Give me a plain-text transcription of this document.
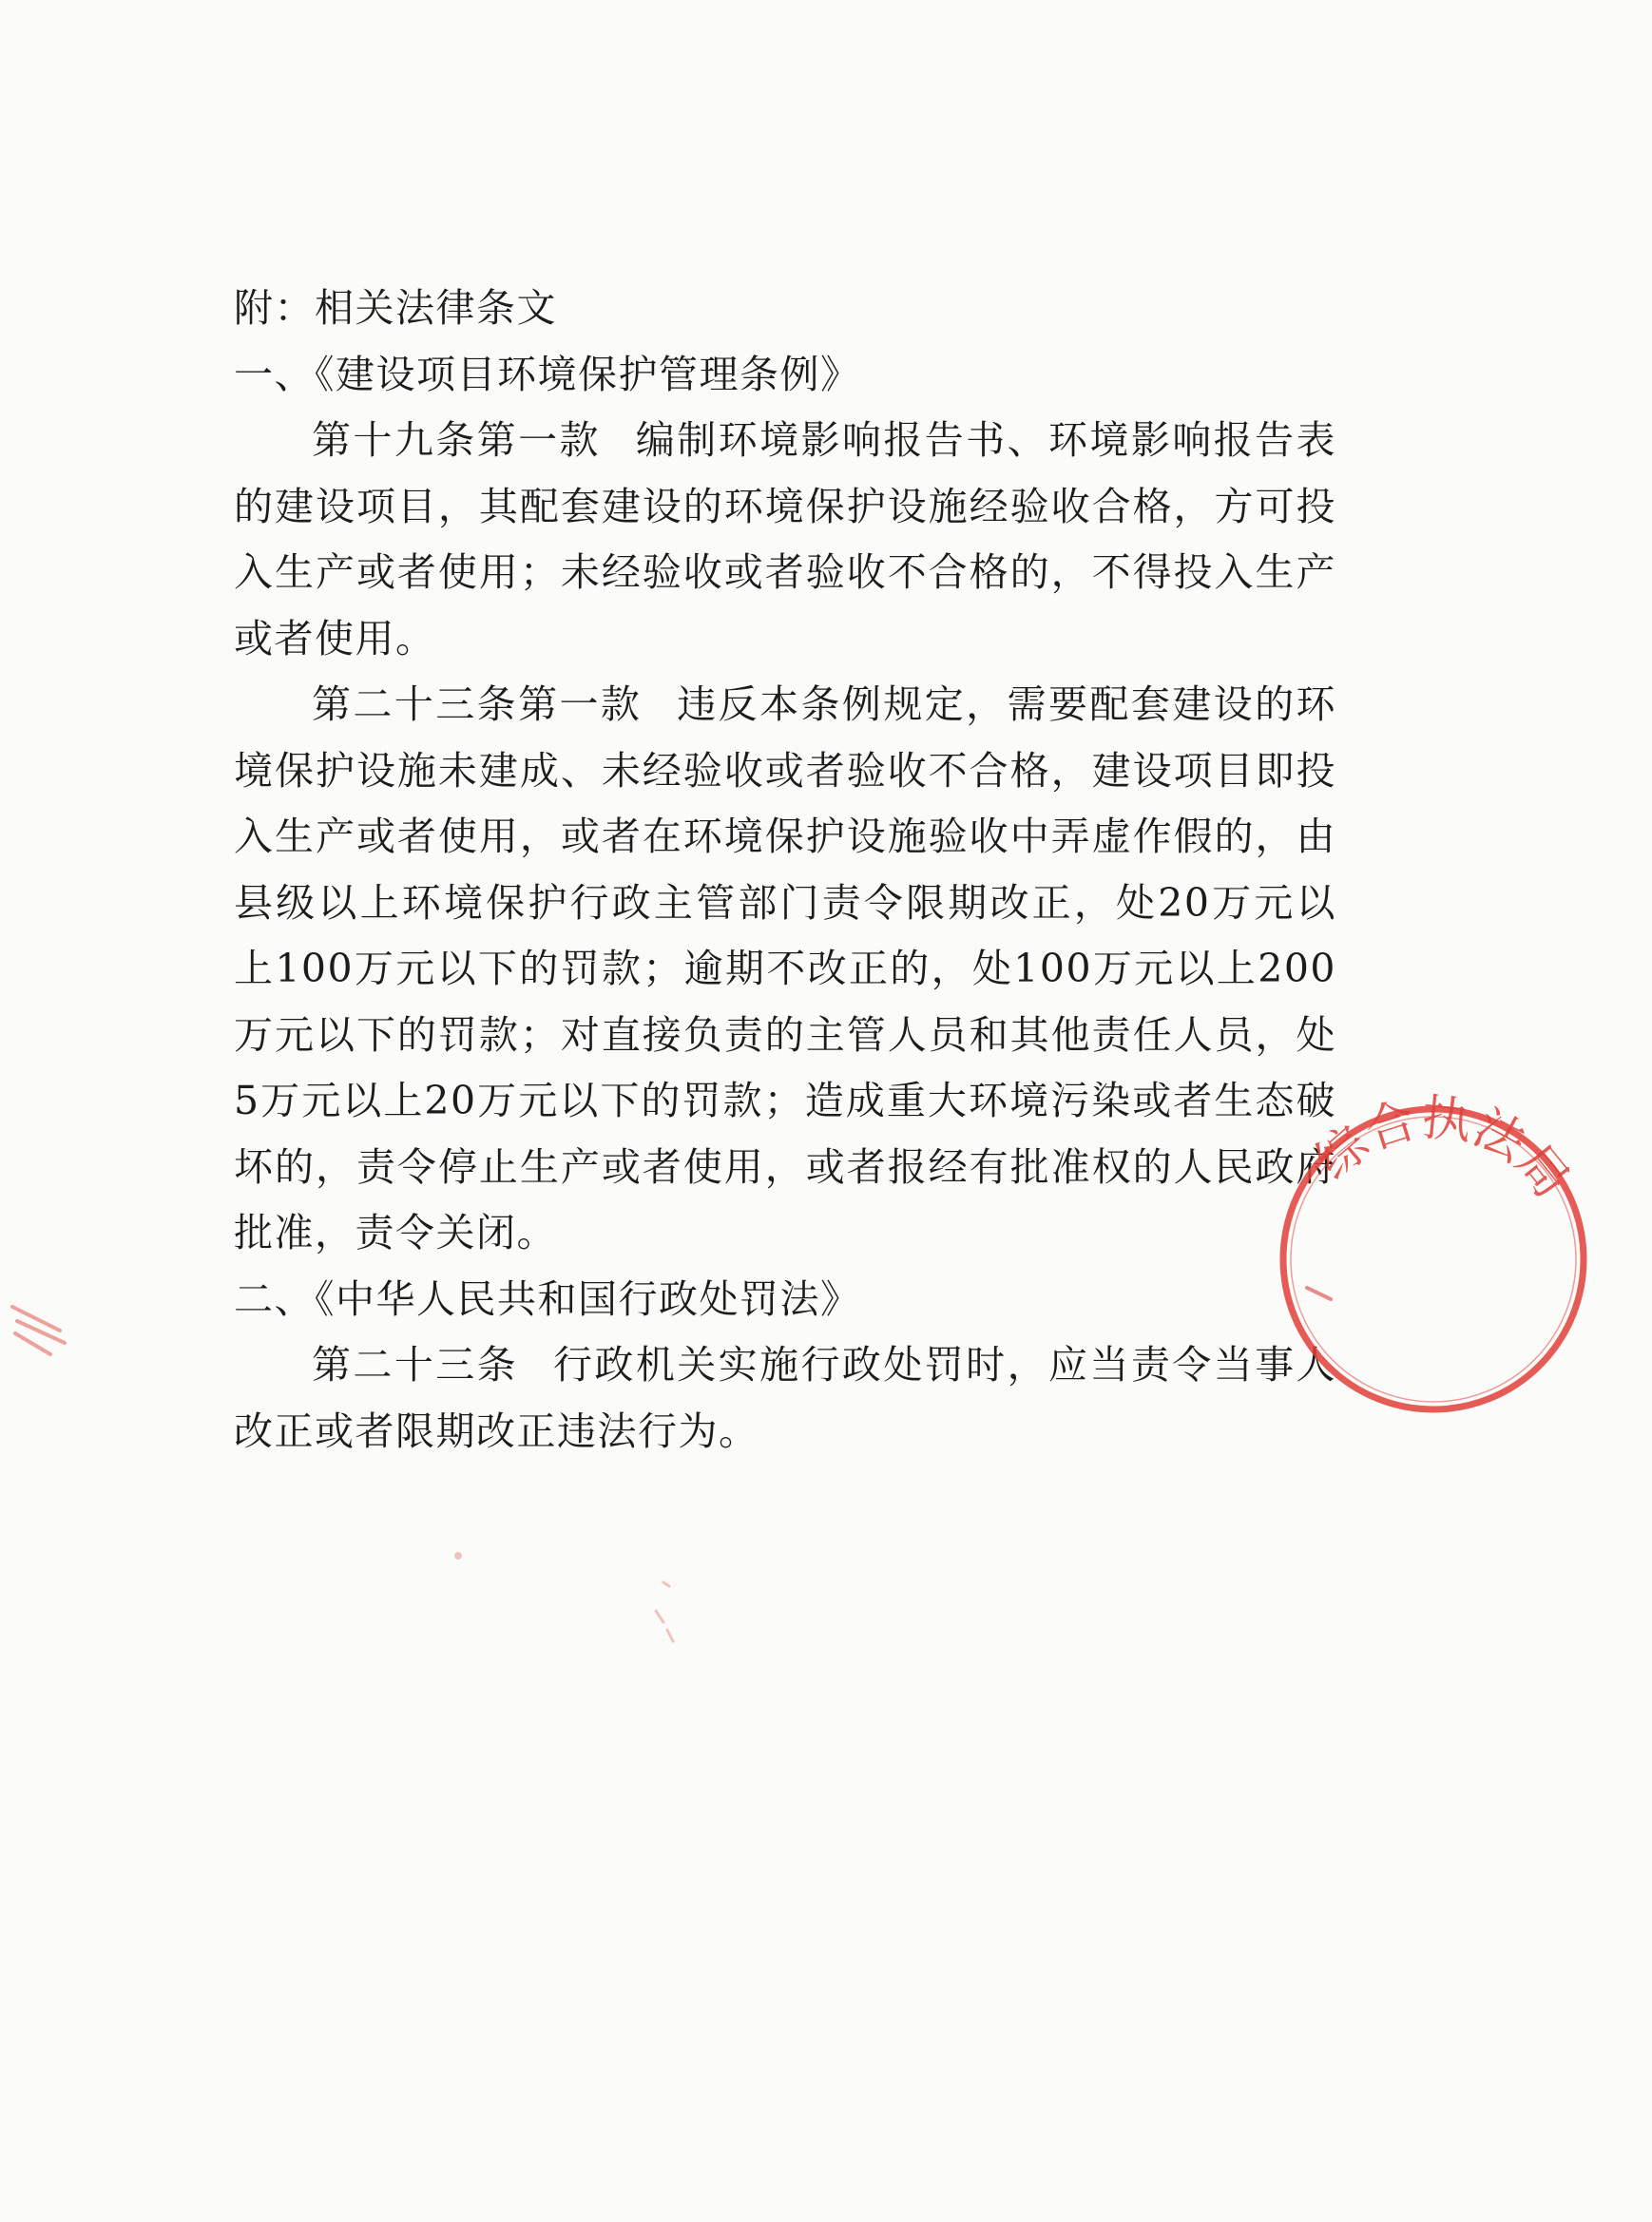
附：相关法律条文

一、《建设项目环境保护管理条例》

第十九条第一款 编制环境影响报告书、环境影响报告表的建设项目，其配套建设的环境保护设施经验收合格，方可投入生产或者使用；未经验收或者验收不合格的，不得投入生产或者使用。

第二十三条第一款 违反本条例规定，需要配套建设的环境保护设施未建成、未经验收或者验收不合格，建设项目即投入生产或者使用，或者在环境保护设施验收中弄虚作假的，由县级以上环境保护行政主管部门责令限期改正，处20万元以上100万元以下的罚款；逾期不改正的，处100万元以上200万元以下的罚款；对直接负责的主管人员和其他责任人员，处5万元以上20万元以下的罚款；造成重大环境污染或者生态破坏的，责令停止生产或者使用，或者报经有批准权的人民政府批准，责令关闭。

二、《中华人民共和国行政处罚法》

第二十三条 行政机关实施行政处罚时，应当责令当事人改正或者限期改正违法行为。

综合执法局
